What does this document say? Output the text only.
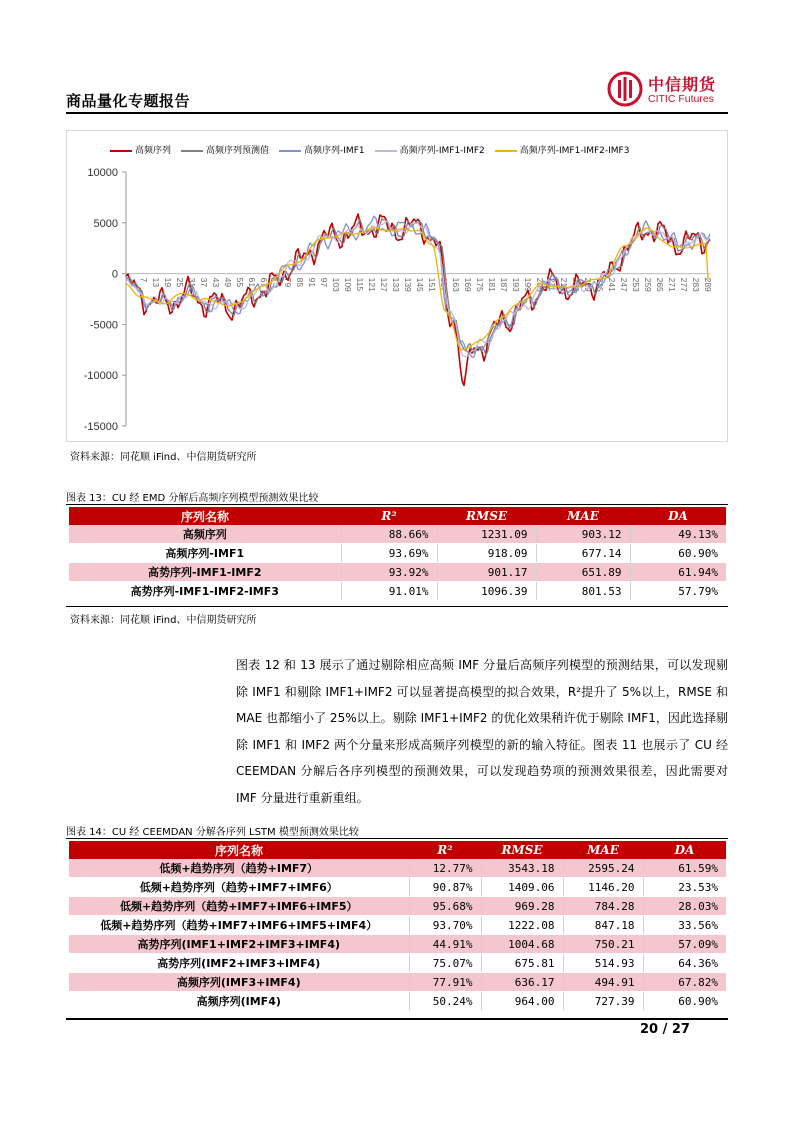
商品量化专题报告
中信期货
CITIC Futures
高频序列	高频序列预测值	高频序列-IMF1	高频序列-IMF1-IMF2	高频序列-IMF1-IMF2-IMF3
10000
5000
0
-5000
-10000
-15000
1 7 13 19 25 31 37 43 49 55 61 67 73 79 85 91 97 103 109 115 121 127 133 139 145 151 157 163 169 175 181 187 193 199 205 211 217 223 229 235 241 247 253 259 265 271 277 283 289
资料来源：同花顺 iFind、中信期货研究所
图表 13：CU 经 EMD 分解后高频序列模型预测效果比较
序列名称	R²	RMSE	MAE	DA
高频序列	88.66%	1231.09	903.12	49.13%
高频序列-IMF1	93.69%	918.09	677.14	60.90%
高势序列-IMF1-IMF2	93.92%	901.17	651.89	61.94%
高势序列-IMF1-IMF2-IMF3	91.01%	1096.39	801.53	57.79%
资料来源：同花顺 iFind、中信期货研究所
图表 12 和 13 展示了通过剔除相应高频 IMF 分量后高频序列模型的预测结果，可以发现剔除 IMF1 和剔除 IMF1+IMF2 可以显著提高模型的拟合效果，R²提升了 5%以上，RMSE 和 MAE 也都缩小了 25%以上。剔除 IMF1+IMF2 的优化效果稍许优于剔除 IMF1，因此选择剔除 IMF1 和 IMF2 两个分量来形成高频序列模型的新的输入特征。图表 11 也展示了 CU 经 CEEMDAN 分解后各序列模型的预测效果，可以发现趋势项的预测效果很差，因此需要对 IMF 分量进行重新重组。
图表 14：CU 经 CEEMDAN 分解各序列 LSTM 模型预测效果比较
序列名称	R²	RMSE	MAE	DA
低频+趋势序列（趋势+IMF7）	12.77%	3543.18	2595.24	61.59%
低频+趋势序列（趋势+IMF7+IMF6）	90.87%	1409.06	1146.20	23.53%
低频+趋势序列（趋势+IMF7+IMF6+IMF5）	95.68%	969.28	784.28	28.03%
低频+趋势序列（趋势+IMF7+IMF6+IMF5+IMF4）	93.70%	1222.08	847.18	33.56%
高势序列(IMF1+IMF2+IMF3+IMF4)	44.91%	1004.68	750.21	57.09%
高势序列(IMF2+IMF3+IMF4)	75.07%	675.81	514.93	64.36%
高频序列(IMF3+IMF4)	77.91%	636.17	494.91	67.82%
高频序列(IMF4)	50.24%	964.00	727.39	60.90%
20 / 27
